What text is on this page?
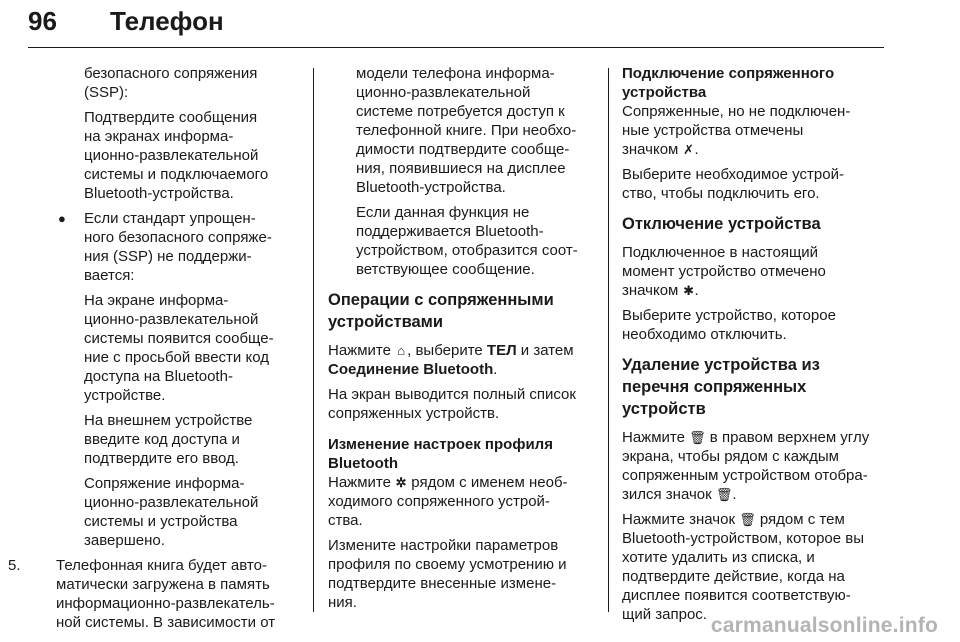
96 Телефон

безопасного сопряжения
(SSP):

Подтвердите сообщения
на экранах информа-
ционно-развлекательной
системы и подключаемого
Bluetooth-устройства.

● Если стандарт упрощен-
ного безопасного сопряже-
ния (SSP) не поддержи-
вается:

На экране информа-
ционно-развлекательной
системы появится сообще-
ние с просьбой ввести код
доступа на Bluetooth-
устройстве.

На внешнем устройстве
введите код доступа и
подтвердите его ввод.

Сопряжение информа-
ционно-развлекательной
системы и устройства
завершено.

5. Телефонная книга будет авто-
матически загружена в память
информационно-развлекатель-
ной системы. В зависимости от

модели телефона информа-
ционно-развлекательной
системе потребуется доступ к
телефонной книге. При необхо-
димости подтвердите сообще-
ния, появившиеся на дисплее
Bluetooth-устройства.

Если данная функция не
поддерживается Bluetooth-
устройством, отобразится соот-
ветствующее сообщение.

Операции с сопряженными
устройствами

Нажмите ⌂ , выберите ТЕЛ и затем
Соединение Bluetooth.

На экран выводится полный список
сопряженных устройств.

Изменение настроек профиля
Bluetooth

Нажмите ✲ рядом с именем необ-
ходимого сопряженного устрой-
ства.

Измените настройки параметров
профиля по своему усмотрению и
подтвердите внесенные измене-
ния.

Подключение сопряженного
устройства

Сопряженные, но не подключен-
ные устройства отмечены
значком ✗.

Выберите необходимое устрой-
ство, чтобы подключить его.

Отключение устройства

Подключенное в настоящий
момент устройство отмечено
значком ✱.

Выберите устройство, которое
необходимо отключить.

Удаление устройства из
перечня сопряженных
устройств

Нажмите 🗑 в правом верхнем углу
экрана, чтобы рядом с каждым
сопряженным устройством отобра-
зился значок 🗑.

Нажмите значок 🗑 рядом с тем
Bluetooth-устройством, которое вы
хотите удалить из списка, и
подтвердите действие, когда на
дисплее появится соответствую-
щий запрос. carmanualsonline.info
